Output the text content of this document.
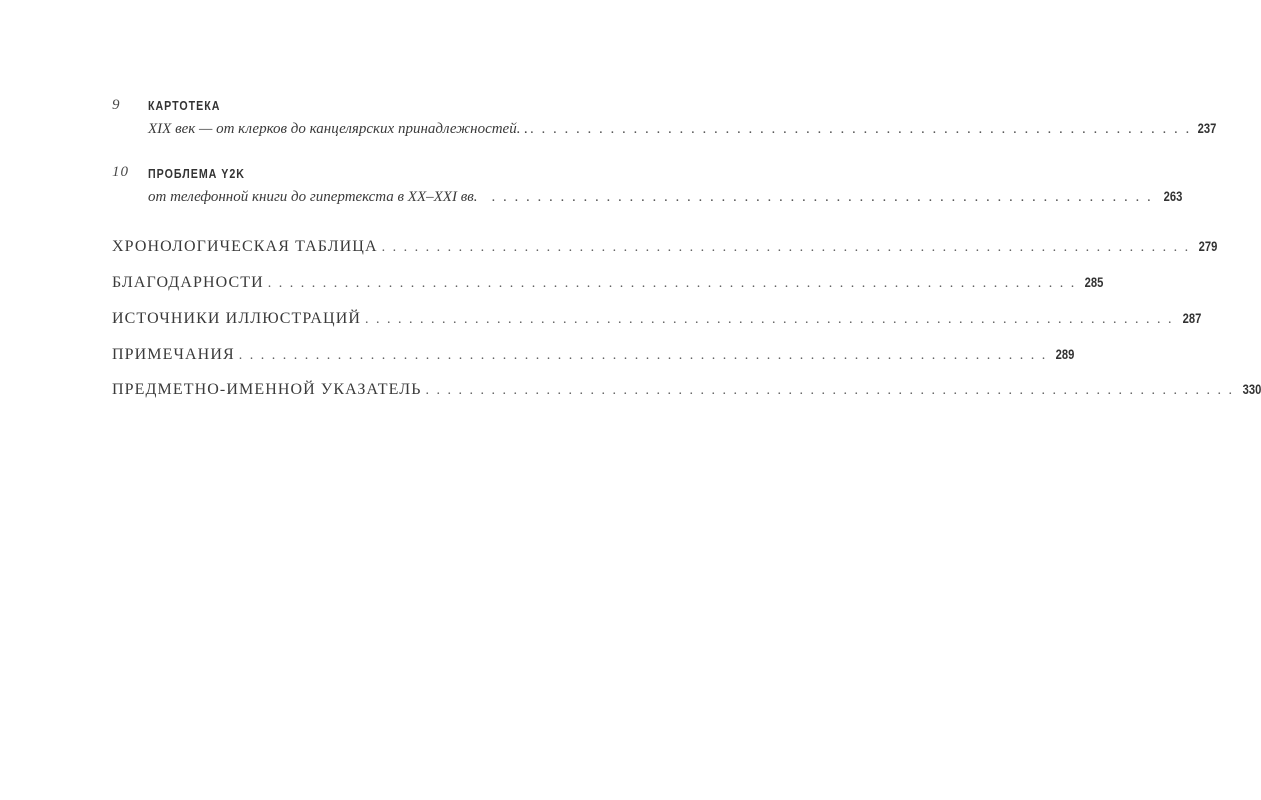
9 КАРТОТЕКА
XIX век — от клерков до канцелярских принадлежностей. . . . .	237
10 ПРОБЛЕМА Y2K
от телефонной книги до гипертекста в XX–XXI вв. . . .	263
ХРОНОЛОГИЧЕСКАЯ ТАБЛИЦА . . .	279
БЛАГОДАРНОСТИ . . .	285
ИСТОЧНИКИ ИЛЛЮСТРАЦИЙ . . .	287
ПРИМЕЧАНИЯ . . .	289
ПРЕДМЕТНО-ИМЕННОЙ УКАЗАТЕЛЬ . . .	330
